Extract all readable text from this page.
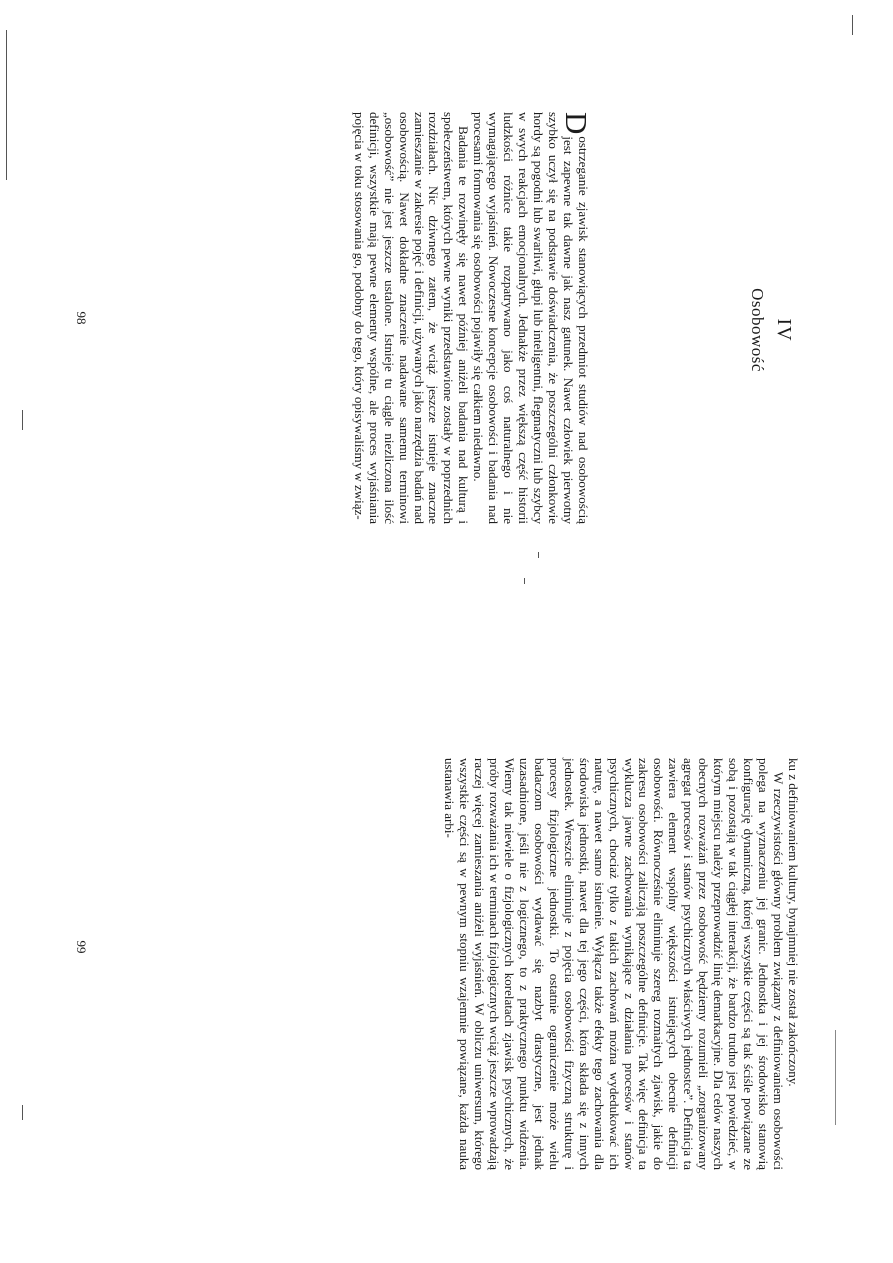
IV
Osobowość

Dostrzeganie zjawisk stanowiących przedmiot studiów nad osobowością jest zapewne tak dawne jak nasz gatunek. Nawet człowiek pierwotny szybko uczył się na podstawie doświadczenia, że poszczególni członkowie hordy są pogodni lub swarliwi, głupi lub inteligentni, flegmatyczni lub szybcy w swych reakcjach emocjonalnych. Jednakże przez większą część historii ludzkości różnice takie rozpatrywano jako coś naturalnego i nie wymagającego wyjaśnień. Nowoczesne koncepcje osobowości i badania nad procesami formowania się osobowości pojawiły się całkiem niedawno.

Badania te rozwinęły się nawet później aniżeli badania nad kulturą i społeczeństwem, których pewne wyniki przedstawione zostały w poprzednich rozdziałach. Nic dziwnego zatem, że wciąż jeszcze istnieje znaczne zamieszanie w zakresie pojęć i definicji, używanych jako narzędzia badań nad osobowością. Nawet dokładne znaczenie nadawane samemu terminowi „osobowość” nie jest jeszcze ustalone. Istnieje tu ciągle niezliczona ilość definicji, wszystkie mają pewne elementy wspólne, ale proces wyjaśniania pojęcia w toku stosowania go, podobny do tego, który opisywaliśmy w związ-

98

ku z definiowaniem kultury, bynajmniej nie został zakończony.

W rzeczywistości główny problem związany z definiowaniem osobowości polega na wyznaczeniu jej granic. Jednostka i jej środowisko stanowią konfigurację dynamiczną, której wszystkie części są tak ściśle powiązane ze sobą i pozostają w tak ciągłej interakcji, że bardzo trudno jest powiedzieć, w którym miejscu należy przeprowadzić linię demarkacyjne. Dla celów naszych obecnych rozważań przez osobowość będziemy rozumieli „zorganizowany agregat procesów i stanów psychicznych właściwych jednostce”. Definicja ta zawiera element wspólny większości istniejących obecnie definicji osobowości. Równocześnie eliminuje szereg rozmaitych zjawisk, jakie do zakresu osobowości zaliczają poszczególne definicje. Tak więc definicja ta wyklucza jawne zachowania wynikające z działania procesów i stanów psychicznych, chociaż tylko z takich zachowań można wydedukować ich naturę, a nawet samo istnienie. Wyłącza także efekty tego zachowania dla środowiska jednostki, nawet dla tej jego części, która składa się z innych jednostek. Wreszcie eliminuje z pojęcia osobowości fizyczną strukturę i procesy fizjologiczne jednostki. To ostatnie ograniczenie może wielu badaczom osobowości wydawać się nazbyt drastyczne, jest jednak uzasadnione, jeśli nie z logicznego, to z praktycznego punktu widzenia. Wiemy tak niewiele o fizjologicznych korelatach zjawisk psychicznych, że próby rozważania ich w terminach fizjologicznych wciąż jeszcze wprowadzają raczej więcej zamieszania aniżeli wyjaśnień. W obliczu uniwersum, którego wszystkie części są w pewnym stopniu wzajemnie powiązane, każda nauka ustanawia arbi-

99
